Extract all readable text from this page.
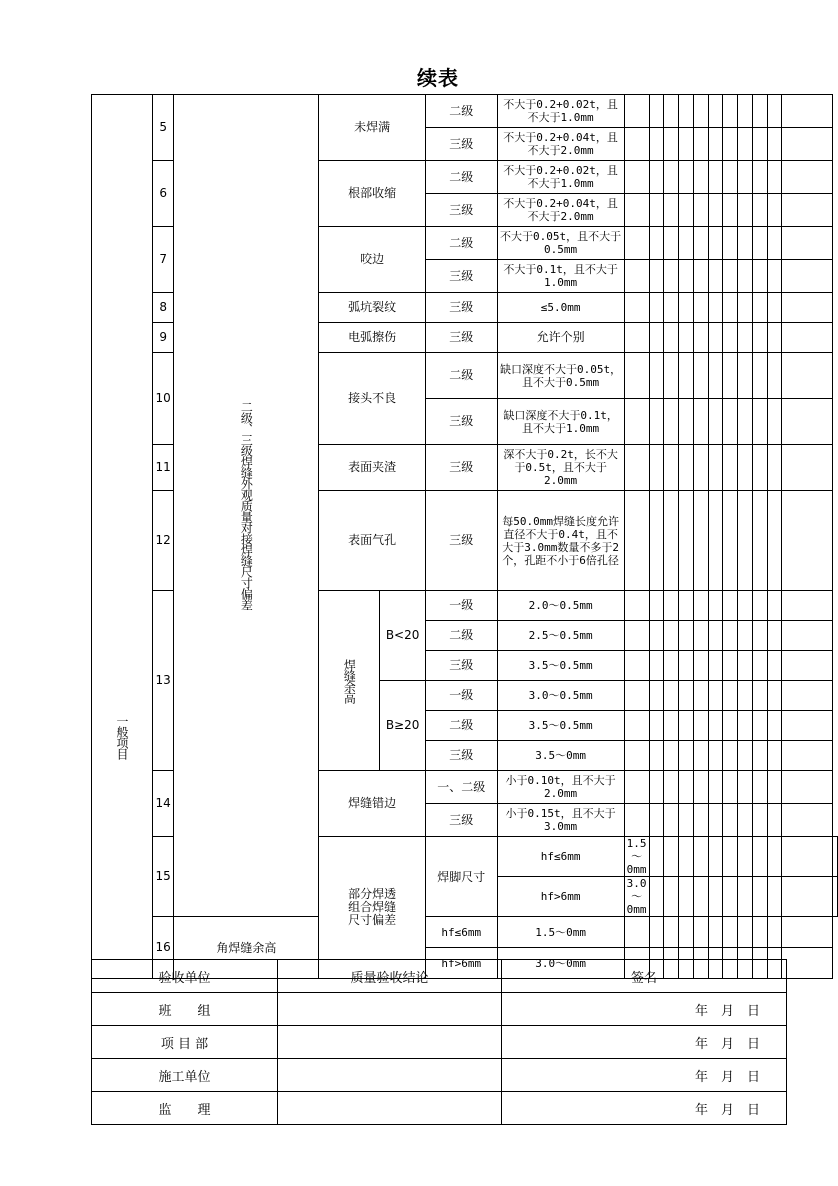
续表
一般项目	5	二级、三级焊缝外观质量对接焊缝尺寸偏差	未焊满		二级	不大于0.2+0.02t，且不大于1.0mm												
					三级	不大于0.2+0.04t，且不大于2.0mm												
	6		根部收缩		二级	不大于0.2+0.02t，且不大于1.0mm												
					三级	不大于0.2+0.04t，且不大于2.0mm												
	7		咬边		二级	不大于0.05t，且不大于0.5mm												
					三级	不大于0.1t，且不大于1.0mm												
	8		弧坑裂纹		三级	≤5.0mm												
	9		电弧擦伤		三级	允许个别												
	10		接头不良		二级	缺口深度不大于0.05t，且不大于0.5mm												
					三级	缺口深度不大于0.1t，且不大于1.0mm												
	11		表面夹渣		三级	深不大于0.2t，长不大于0.5t，且不大于2.0mm												
	12		表面气孔		三级	每50.0mm焊缝长度允许直径不大于0.4t，且不大于3.0mm数量不多于2个，孔距不小于6倍孔径												
	13		焊缝余高	B<20	一级	2.0～0.5mm												
					二级	2.5～0.5mm												
					三级	3.5～0.5mm												
				B≥20	一级	3.0～0.5mm												
					二级	3.5～0.5mm												
					三级	3.5～0mm												
	14		焊缝错边		一、二级	小于0.10t，且不大于2.0mm												
					三级	小于0.15t，且不大于3.0mm												
	15		部分焊透组合焊缝尺寸偏差		焊脚尺寸	hf≤6mm	1.5～0mm											
						hf>6mm	3.0～0mm											
	16	角焊缝余高			hf≤6mm	1.5～0mm												
					hf>6mm	3.0～0mm												
验收单位	质量验收结论	签名
班　　组		年　月　日
项 目 部		年　月　日
施工单位		年　月　日
监　　理		年　月　日
